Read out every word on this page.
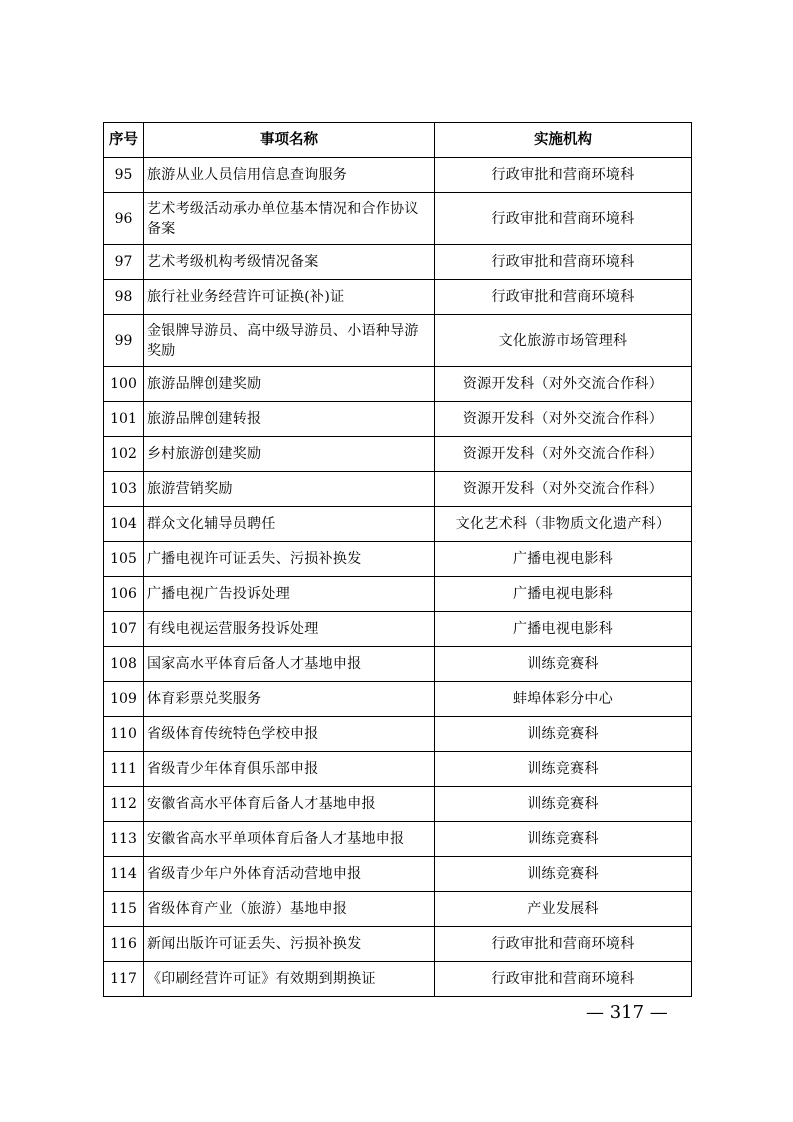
序号	事项名称	实施机构
95	旅游从业人员信用信息查询服务	行政审批和营商环境科
96	艺术考级活动承办单位基本情况和合作协议备案	行政审批和营商环境科
97	艺术考级机构考级情况备案	行政审批和营商环境科
98	旅行社业务经营许可证换(补)证	行政审批和营商环境科
99	金银牌导游员、高中级导游员、小语种导游奖励	文化旅游市场管理科
100	旅游品牌创建奖励	资源开发科（对外交流合作科）
101	旅游品牌创建转报	资源开发科（对外交流合作科）
102	乡村旅游创建奖励	资源开发科（对外交流合作科）
103	旅游营销奖励	资源开发科（对外交流合作科）
104	群众文化辅导员聘任	文化艺术科（非物质文化遗产科）
105	广播电视许可证丢失、污损补换发	广播电视电影科
106	广播电视广告投诉处理	广播电视电影科
107	有线电视运营服务投诉处理	广播电视电影科
108	国家高水平体育后备人才基地申报	训练竞赛科
109	体育彩票兑奖服务	蚌埠体彩分中心
110	省级体育传统特色学校申报	训练竞赛科
111	省级青少年体育俱乐部申报	训练竞赛科
112	安徽省高水平体育后备人才基地申报	训练竞赛科
113	安徽省高水平单项体育后备人才基地申报	训练竞赛科
114	省级青少年户外体育活动营地申报	训练竞赛科
115	省级体育产业（旅游）基地申报	产业发展科
116	新闻出版许可证丢失、污损补换发	行政审批和营商环境科
117	《印刷经营许可证》有效期到期换证	行政审批和营商环境科
— 317 —
